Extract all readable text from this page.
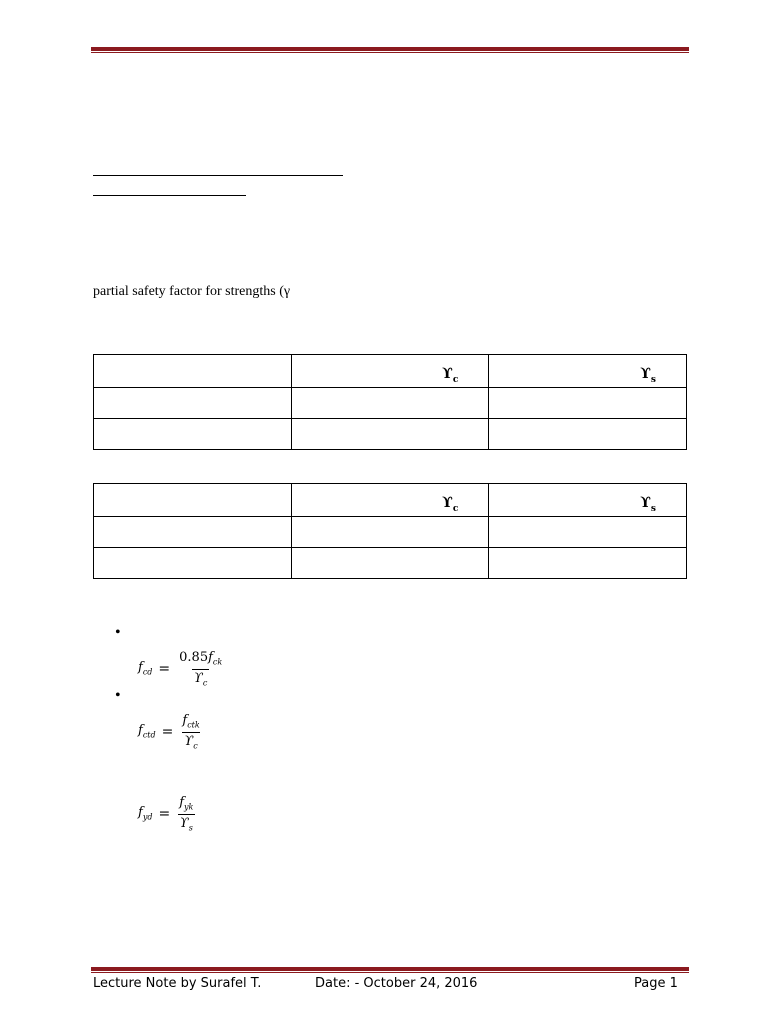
partial safety factor for strengths (γ
	$ϒ_c$	$ϒ_s$

	$ϒ_c$	$ϒ_s$

•
•
$f_{cd} = \frac{0.85f_{ck}}{ϒ_c}$
$f_{ctd} = \frac{f_{ctk}}{ϒ_c}$
$f_{yd} = \frac{f_{yk}}{ϒ_s}$
Lecture Note by Surafel T.	Date: - October 24, 2016	Page 1
